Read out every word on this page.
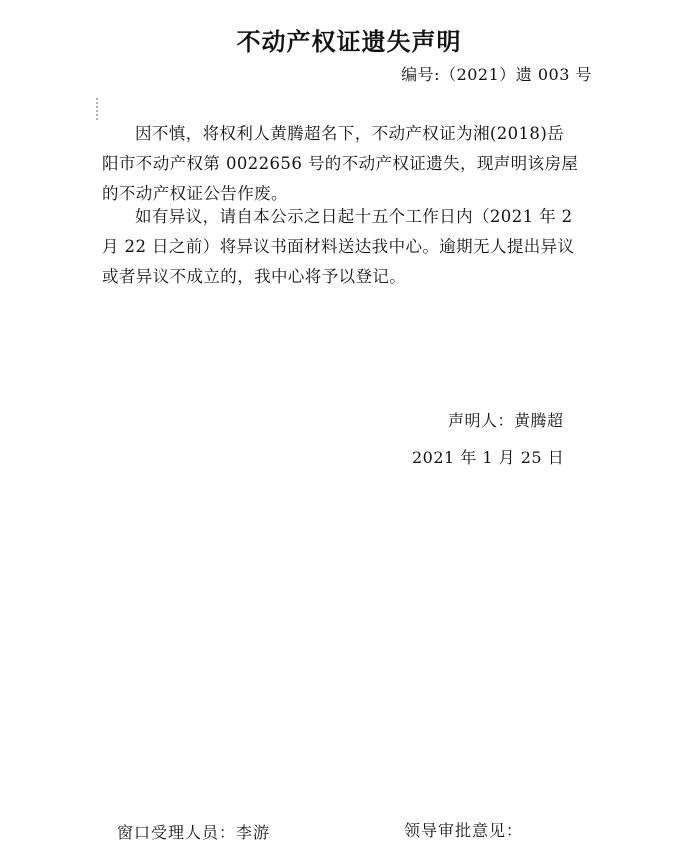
不动产权证遗失声明
编号:（2021）遗 003 号

因不慎，将权利人黄腾超名下，不动产权证为湘(2018)岳阳市不动产权第 0022656 号的不动产权证遗失，现声明该房屋的不动产权证公告作废。

如有异议，请自本公示之日起十五个工作日内（2021 年 2 月 22 日之前）将异议书面材料送达我中心。逾期无人提出异议或者异议不成立的，我中心将予以登记。

声明人：黄腾超
2021 年 1 月 25 日
窗口受理人员：李游	领导审批意见：
